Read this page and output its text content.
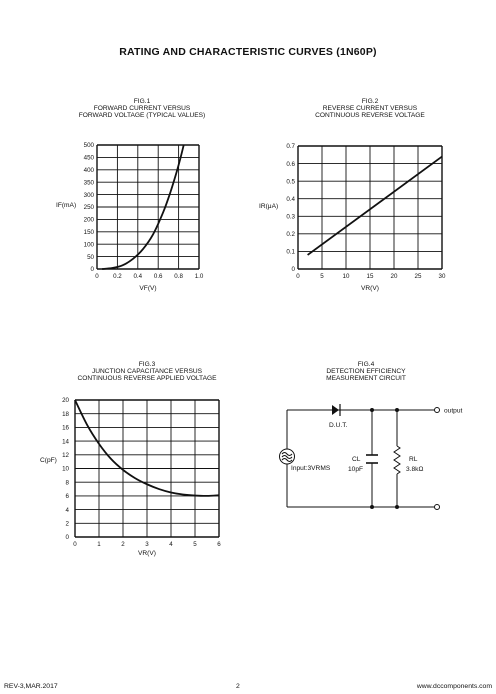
RATING AND CHARACTERISTIC CURVES (1N60P)
FIG.1
FORWARD CURRENT VERSUS
FORWARD VOLTAGE (TYPICAL VALUES)
FIG.2
REVERSE CURRENT VERSUS
CONTINUOUS REVERSE VOLTAGE
FIG.3
JUNCTION CAPACITANCE VERSUS
CONTINUOUS REVERSE APPLIED VOLTAGE
FIG.4
DETECTION EFFICIENCY
MEASUREMENT CIRCUIT
0 0.2 0.4 0.6 0.8 1.0
0
50
100
150
200
250
300
350
400
450
500
VF(V)
IF(mA)
0	5	10	15	20	25	30
0
0.1
0.2
0.3
0.4
0.5
0.6
0.7
VR(V)
IR(μA)
0	1	2	3	4	5	6
0
2
4
6
8
10
12
14
16
18
20
VR(V)
C(pF)
output
D.U.T.
CL
10pF
RL
3.8kΩ
Input:3VRMS
REV-3,MAR.2017	2	www.dccomponents.com
